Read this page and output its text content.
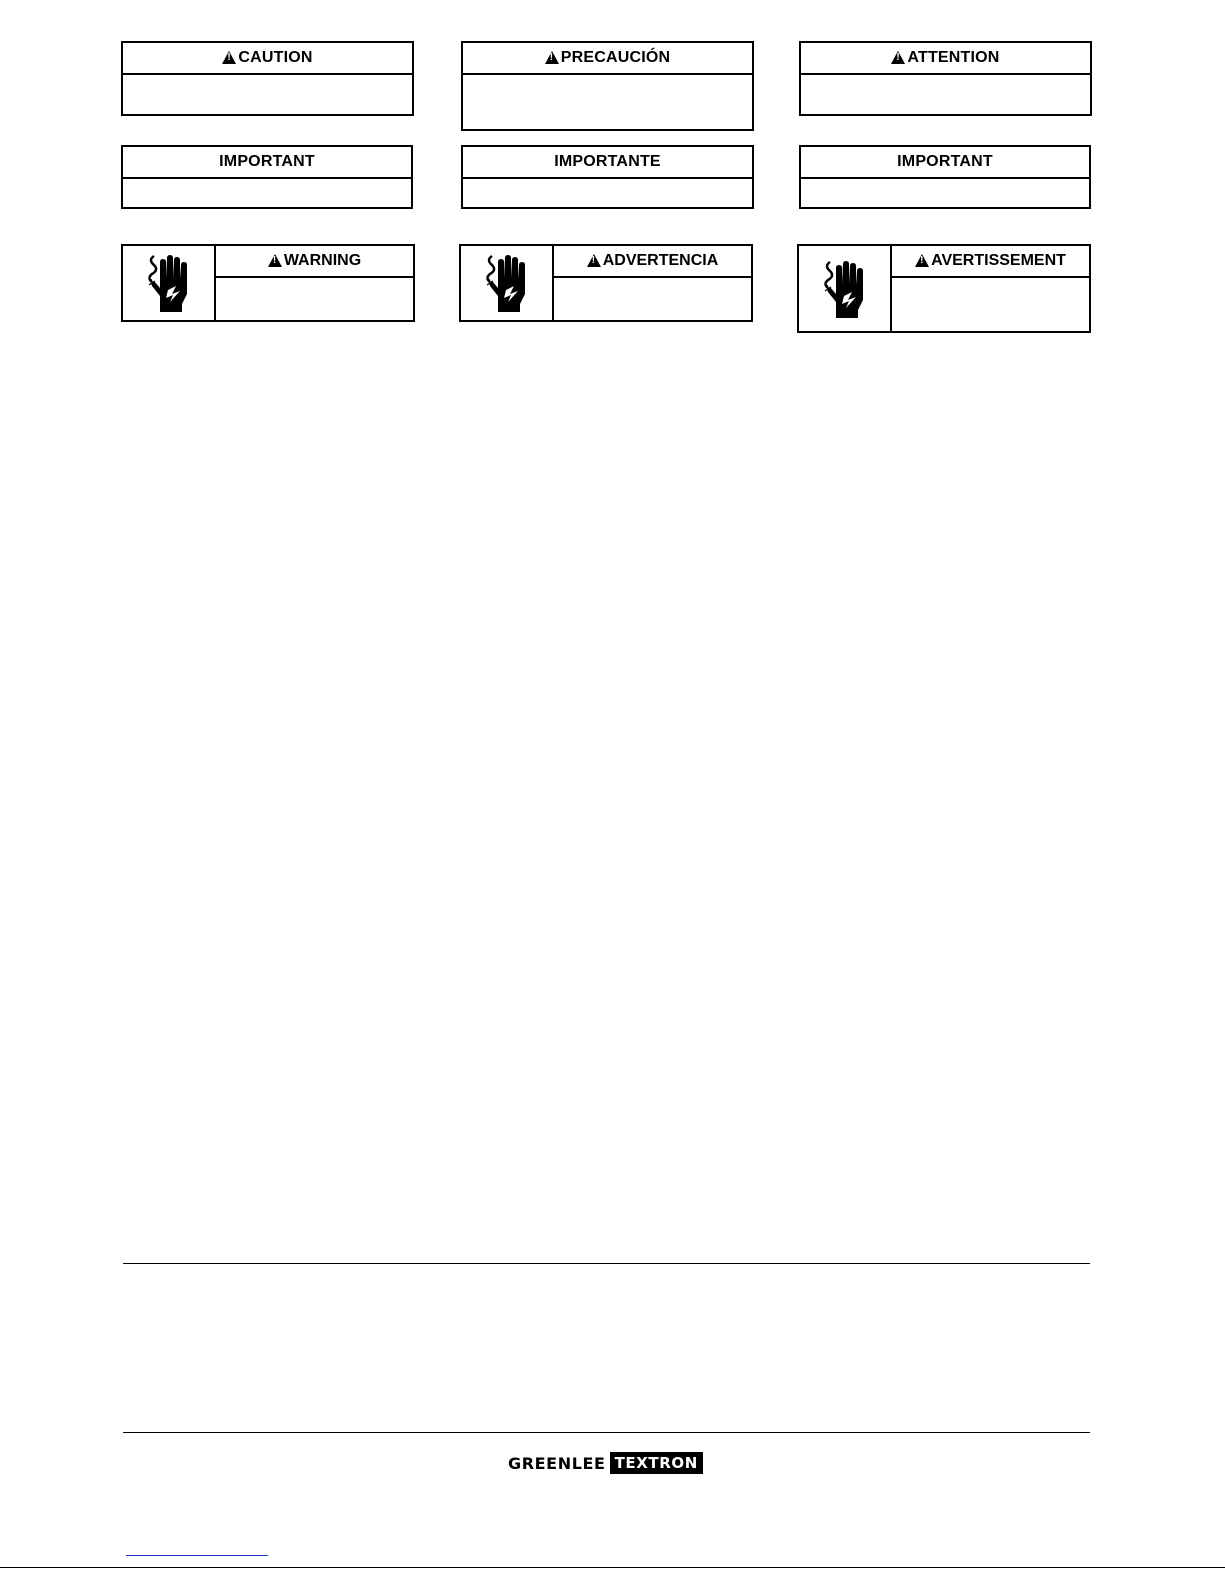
!
CAUTION !	PRECAUCIÓN !	ATTENTION
IMPORTANT	IMPORTANTE	IMPORTANT
!
WARNING !	ADVERTENCIA !	AVERTISSEMENT
GREENLEE TEXTRON
